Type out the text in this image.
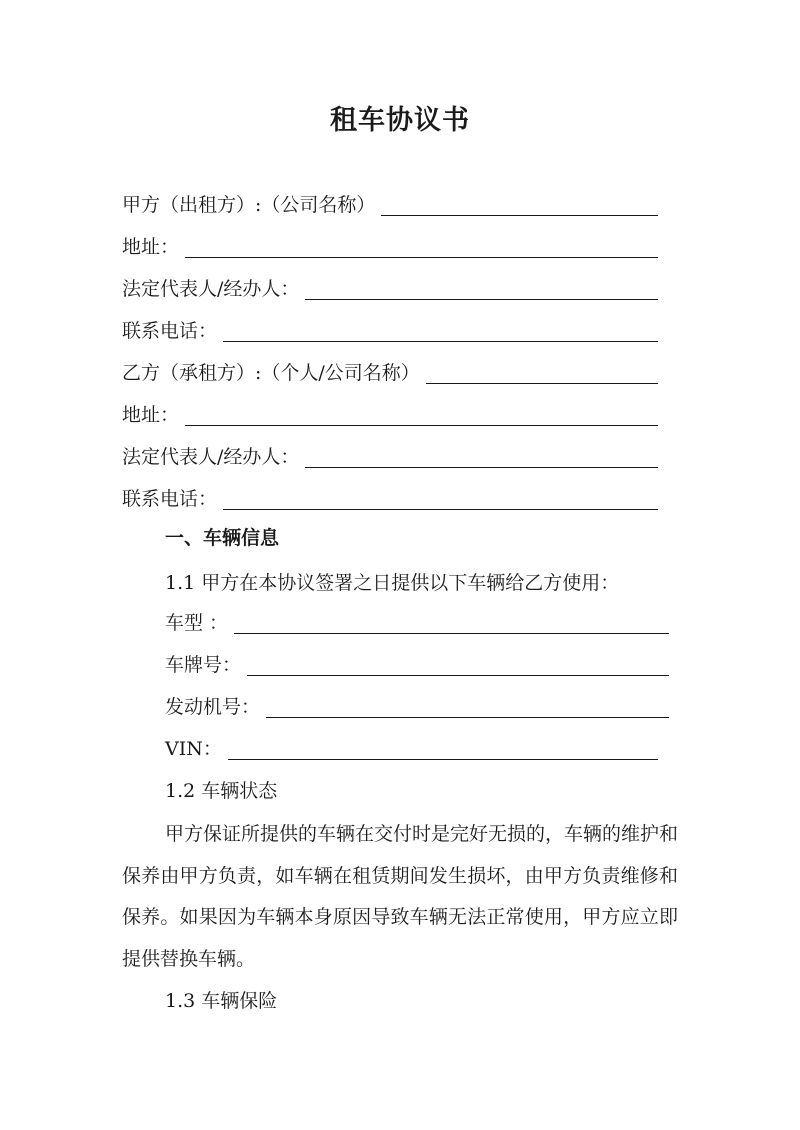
租车协议书
甲方（出租方）:（公司名称）
地址：
法定代表人/经办人：
联系电话：
乙方（承租方）:（个人/公司名称）
地址：
法定代表人/经办人：
联系电话：
一、车辆信息
1.1 甲方在本协议签署之日提供以下车辆给乙方使用：
车型 ：
车牌号：
发动机号：
VIN：
1.2 车辆状态
甲方保证所提供的车辆在交付时是完好无损的，车辆的维护和保养由甲方负责，如车辆在租赁期间发生损坏，由甲方负责维修和保养。如果因为车辆本身原因导致车辆无法正常使用，甲方应立即提供替换车辆。
1.3 车辆保险
